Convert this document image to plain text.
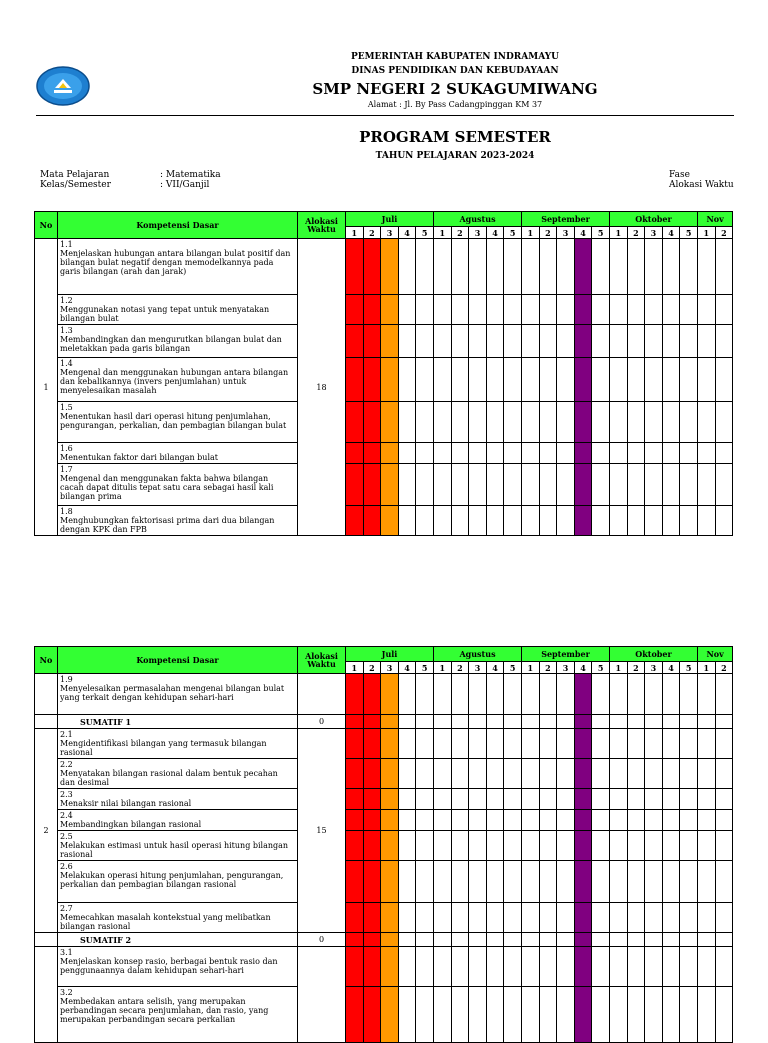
PEMERINTAH KABUPATEN INDRAMAYU
DINAS PENDIDIKAN DAN KEBUDAYAAN
SMP NEGERI 2 SUKAGUMIWANG
Alamat : Jl. By Pass Cadangpinggan KM 37
PROGRAM SEMESTER
TAHUN PELAJARAN 2023-2024
Mata Pelajaran	: Matematika
Kelas/Semester	: VII/Ganjil
Fase
Alokasi Waktu
No	Kompetensi Dasar	Alokasi Waktu	Juli					Agustus					September					Oktober					Nov	
			1	2	3	4	5	1	2	3	4	5	1	2	3	4	5	1	2	3	4	5	1	2
1	1.1Menjelaskan hubungan antara bilangan bulat positif dan bilangan bulat negatif dengan memodelkannya pada garis bilangan (arah dan jarak)	18																						
	1.2Menggunakan notasi yang tepat untuk menyatakan bilangan bulat																							
	1.3Membandingkan dan mengurutkan bilangan bulat dan meletakkan pada garis bilangan																							
	1.4Mengenal dan menggunakan hubungan antara bilangan dan kebalikannya (invers penjumlahan) untuk menyelesaikan masalah																							
	1.5Menentukan hasil dari operasi hitung penjumlahan, pengurangan, perkalian, dan pembagian bilangan bulat																							
	1.6Menentukan faktor dari bilangan bulat																							
	1.7Mengenal dan menggunakan fakta bahwa bilangan cacah dapat ditulis tepat satu cara sebagai hasil kali bilangan prima																							
	1.8Menghubungkan faktorisasi prima dari dua bilangan dengan KPK dan FPB																							
No	Kompetensi Dasar	Alokasi Waktu	Juli					Agustus					September					Oktober					Nov	
			1	2	3	4	5	1	2	3	4	5	1	2	3	4	5	1	2	3	4	5	1	2
	1.9Menyelesaikan permasalahan mengenai bilangan bulat yang terkait dengan kehidupan sehari-hari																							
	SUMATIF 1	0																						
2	2.1Mengidentifikasi bilangan yang termasuk bilangan rasional	15																						
	2.2Menyatakan bilangan rasional dalam bentuk pecahan dan desimal																							
	2.3Menaksir nilai bilangan rasional																							
	2.4Membandingkan bilangan rasional																							
	2.5Melakukan estimasi untuk hasil operasi hitung bilangan rasional																							
	2.6Melakukan operasi hitung penjumlahan, pengurangan, perkalian dan pembagian bilangan rasional																							
	2.7Memecahkan masalah kontekstual yang melibatkan bilangan rasional																							
	SUMATIF 2	0																						
	3.1Menjelaskan konsep rasio, berbagai bentuk rasio dan penggunaannya dalam kehidupan sehari-hari																							
	3.2Membedakan antara selisih, yang merupakan perbandingan secara penjumlahan, dan rasio, yang merupakan perbandingan secara perkalian																							
